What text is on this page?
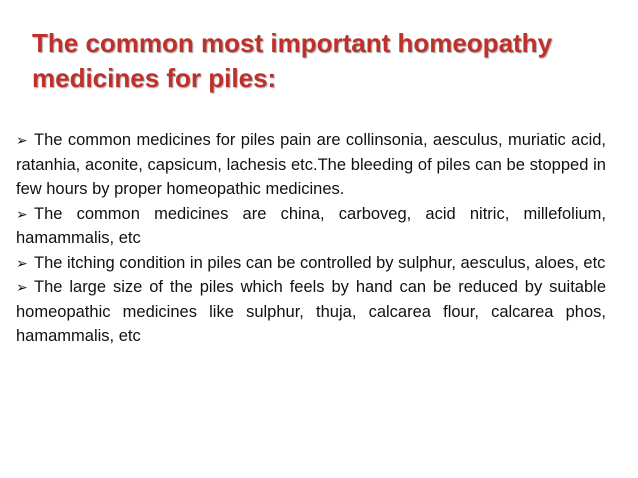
The common most important homeopathy medicines for piles:

➢ The common medicines for piles pain are collinsonia, aesculus, muriatic acid, ratanhia, aconite, capsicum, lachesis etc.The bleeding of piles can be stopped in few hours by proper homeopathic medicines.

➢ The common medicines are china, carboveg, acid nitric, millefolium, hamammalis, etc

➢ The itching condition in piles can be controlled by sulphur, aesculus, aloes, etc

➢ The large size of the piles which feels by hand can be reduced by suitable homeopathic medicines like sulphur, thuja, calcarea flour, calcarea phos, hamammalis, etc
